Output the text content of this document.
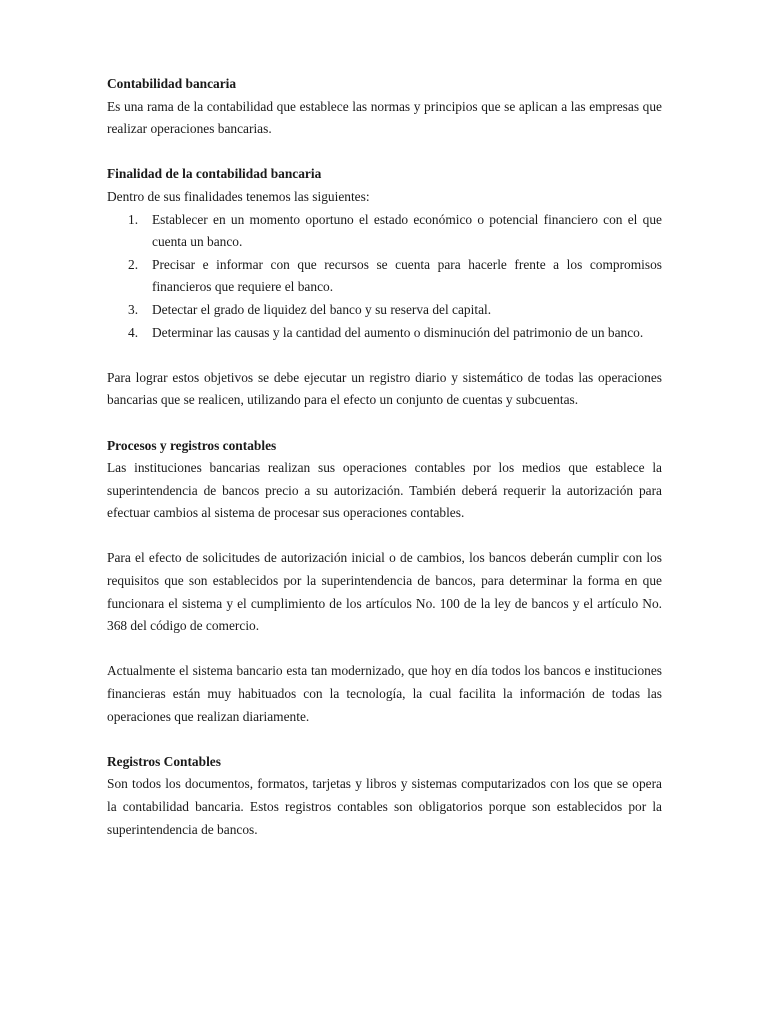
Contabilidad bancaria

Es una rama de la contabilidad que establece las normas y principios que se aplican a las empresas que realizar operaciones bancarias.

Finalidad de la contabilidad bancaria

Dentro de sus finalidades tenemos las siguientes:

1. Establecer en un momento oportuno el estado económico o potencial financiero con el que cuenta un banco.
2. Precisar e informar con que recursos se cuenta para hacerle frente a los compromisos financieros que requiere el banco.
3. Detectar el grado de liquidez del banco y su reserva del capital.
4. Determinar las causas y la cantidad del aumento o disminución del patrimonio de un banco.

Para lograr estos objetivos se debe ejecutar un registro diario y sistemático de todas las operaciones bancarias que se realicen, utilizando para el efecto un conjunto de cuentas y subcuentas.

Procesos y registros contables

Las instituciones bancarias realizan sus operaciones contables por los medios que establece la superintendencia de bancos precio a su autorización. También deberá requerir la autorización para efectuar cambios al sistema de procesar sus operaciones contables.

Para el efecto de solicitudes de autorización inicial o de cambios, los bancos deberán cumplir con los requisitos que son establecidos por la superintendencia de bancos, para determinar la forma en que funcionara el sistema y el cumplimiento de los artículos No. 100 de la ley de bancos y el artículo No. 368 del código de comercio.

Actualmente el sistema bancario esta tan modernizado, que hoy en día todos los bancos e instituciones financieras están muy habituados con la tecnología, la cual facilita la información de todas las operaciones que realizan diariamente.

Registros Contables

Son todos los documentos, formatos, tarjetas y libros y sistemas computarizados con los que se opera la contabilidad bancaria. Estos registros contables son obligatorios porque son establecidos por la superintendencia de bancos.
